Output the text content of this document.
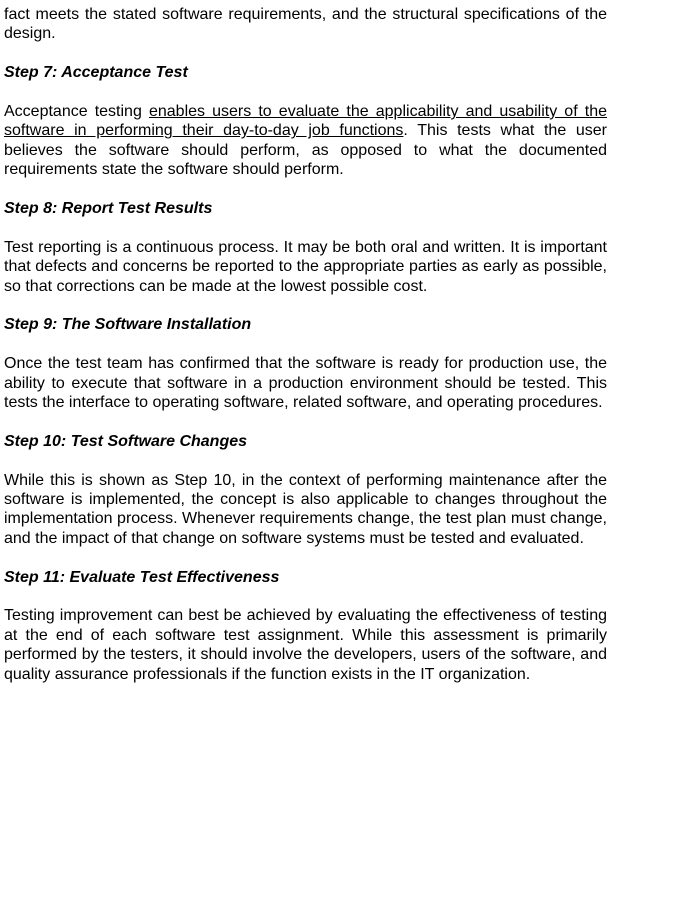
fact meets the stated software requirements, and the structural specifications of the design.

Step 7: Acceptance Test

Acceptance testing enables users to evaluate the applicability and usability of the software in performing their day-to-day job functions. This tests what the user believes the software should perform, as opposed to what the documented requirements state the software should perform.

Step 8: Report Test Results

Test reporting is a continuous process. It may be both oral and written. It is important that defects and concerns be reported to the appropriate parties as early as possible, so that corrections can be made at the lowest possible cost.

Step 9: The Software Installation

Once the test team has confirmed that the software is ready for production use, the ability to execute that software in a production environment should be tested. This tests the interface to operating software, related software, and operating procedures.

Step 10: Test Software Changes

While this is shown as Step 10, in the context of performing maintenance after the software is implemented, the concept is also applicable to changes throughout the implementation process. Whenever requirements change, the test plan must change, and the impact of that change on software systems must be tested and evaluated.

Step 11: Evaluate Test Effectiveness

Testing improvement can best be achieved by evaluating the effectiveness of testing at the end of each software test assignment. While this assessment is primarily performed by the testers, it should involve the developers, users of the software, and quality assurance professionals if the function exists in the IT organization.
